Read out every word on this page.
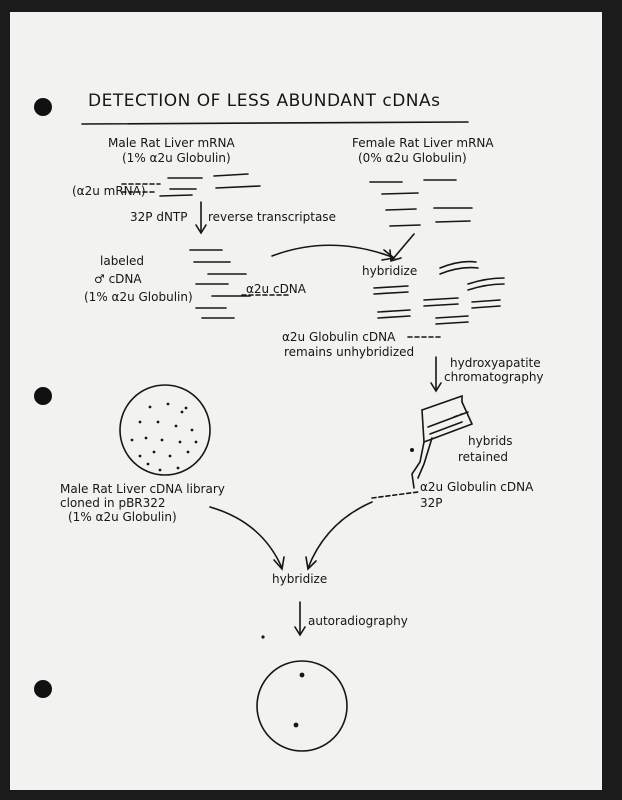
DETECTION OF LESS ABUNDANT cDNAs
Male Rat Liver mRNA
(1% α2u Globulin)
Female Rat Liver mRNA
(0% α2u Globulin)
(α2u mRNA)
32P dNTP reverse transcriptase
labeled
♂ cDNA
(1% α2u Globulin)
α2u cDNA
hybridize
α2u Globulin cDNA
remains unhybridized
hydroxyapatite
chromatography
hybrids
retained
Male Rat Liver cDNA library
cloned in pBR322
(1% α2u Globulin)
α2u Globulin cDNA
32P
hybridize
autoradiography
